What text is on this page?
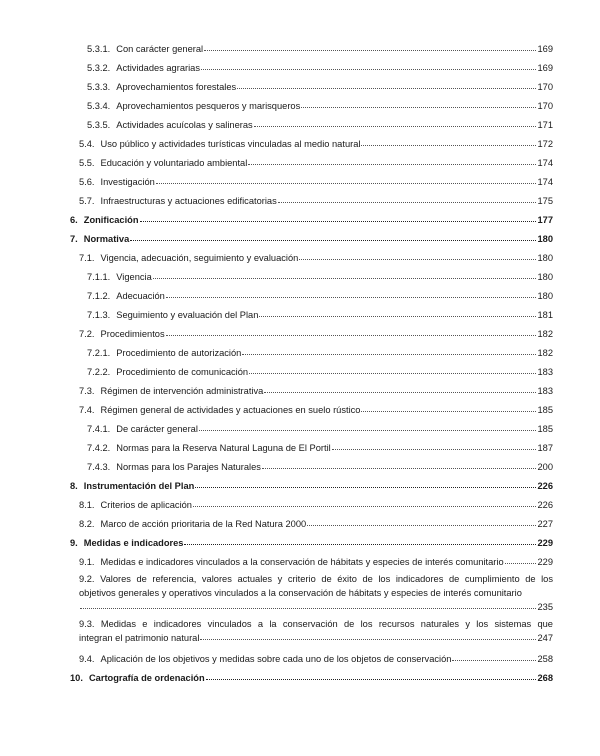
5.3.1. Con carácter general	169
5.3.2. Actividades agrarias	169
5.3.3. Aprovechamientos forestales	170
5.3.4. Aprovechamientos pesqueros y marisqueros	170
5.3.5. Actividades acuícolas y salineras	171
5.4. Uso público y actividades turísticas vinculadas al medio natural	172
5.5. Educación y voluntariado ambiental	174
5.6. Investigación	174
5.7. Infraestructuras y actuaciones edificatorias	175
6. Zonificación	177
7. Normativa	180
7.1. Vigencia, adecuación, seguimiento y evaluación	180
7.1.1. Vigencia	180
7.1.2. Adecuación	180
7.1.3. Seguimiento y evaluación del Plan	181
7.2. Procedimientos	182
7.2.1. Procedimiento de autorización	182
7.2.2. Procedimiento de comunicación	183
7.3. Régimen de intervención administrativa	183
7.4. Régimen general de actividades y actuaciones en suelo rústico	185
7.4.1. De carácter general	185
7.4.2. Normas para la Reserva Natural Laguna de El Portil	187
7.4.3. Normas para los Parajes Naturales	200
8. Instrumentación del Plan	226
8.1. Criterios de aplicación	226
8.2. Marco de acción prioritaria de la Red Natura 2000	227
9. Medidas e indicadores	229
9.1. Medidas e indicadores vinculados a la conservación de hábitats y especies de interés comunitario	229
9.2. Valores de referencia, valores actuales y criterio de éxito de los indicadores de cumplimiento de los
objetivos generales y operativos vinculados a la conservación de hábitats y especies de interés comunitario
235
9.3. Medidas e indicadores vinculados a la conservación de los recursos naturales y los sistemas que
integran el patrimonio natural	247
9.4. Aplicación de los objetivos y medidas sobre cada uno de los objetos de conservación	258
10. Cartografía de ordenación	268
